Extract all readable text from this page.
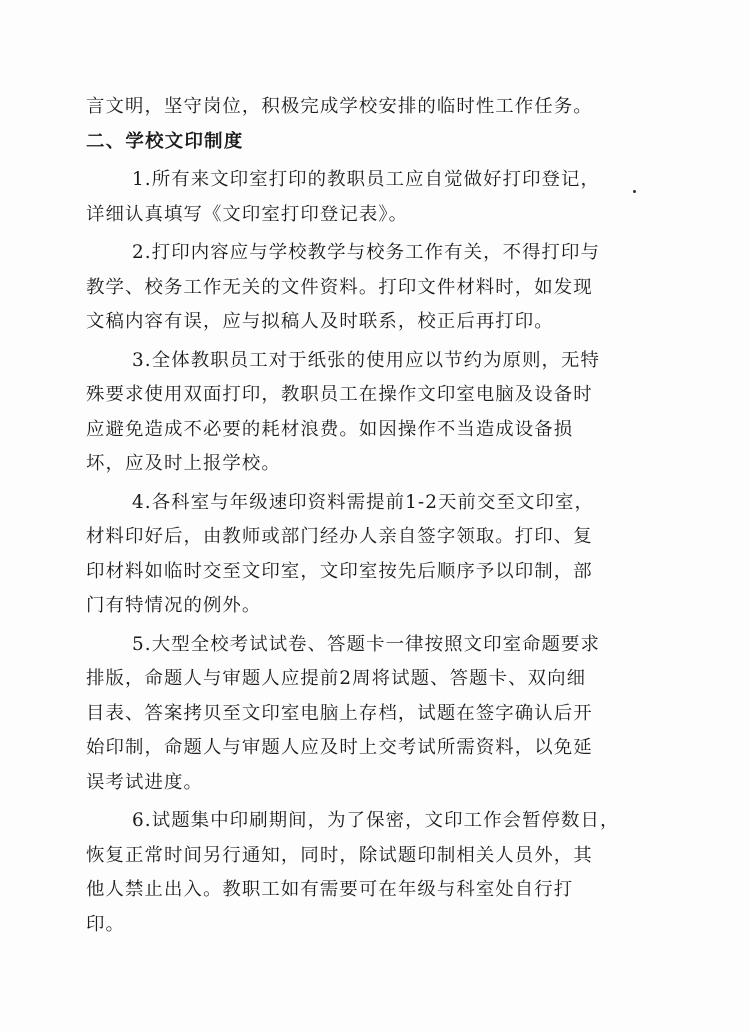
言文明，坚守岗位，积极完成学校安排的临时性工作任务。
二、学校文印制度
1.所有来文印室打印的教职员工应自觉做好打印登记，
详细认真填写《文印室打印登记表》。
2.打印内容应与学校教学与校务工作有关，不得打印与
教学、校务工作无关的文件资料。打印文件材料时，如发现
文稿内容有误，应与拟稿人及时联系，校正后再打印。
3.全体教职员工对于纸张的使用应以节约为原则，无特
殊要求使用双面打印，教职员工在操作文印室电脑及设备时
应避免造成不必要的耗材浪费。如因操作不当造成设备损
坏，应及时上报学校。
4.各科室与年级速印资料需提前1-2天前交至文印室，
材料印好后，由教师或部门经办人亲自签字领取。打印、复
印材料如临时交至文印室，文印室按先后顺序予以印制，部
门有特情况的例外。
5.大型全校考试试卷、答题卡一律按照文印室命题要求
排版，命题人与审题人应提前2周将试题、答题卡、双向细
目表、答案拷贝至文印室电脑上存档，试题在签字确认后开
始印制，命题人与审题人应及时上交考试所需资料，以免延
误考试进度。
6.试题集中印刷期间，为了保密，文印工作会暂停数日，
恢复正常时间另行通知，同时，除试题印制相关人员外，其
他人禁止出入。教职工如有需要可在年级与科室处自行打
印。
